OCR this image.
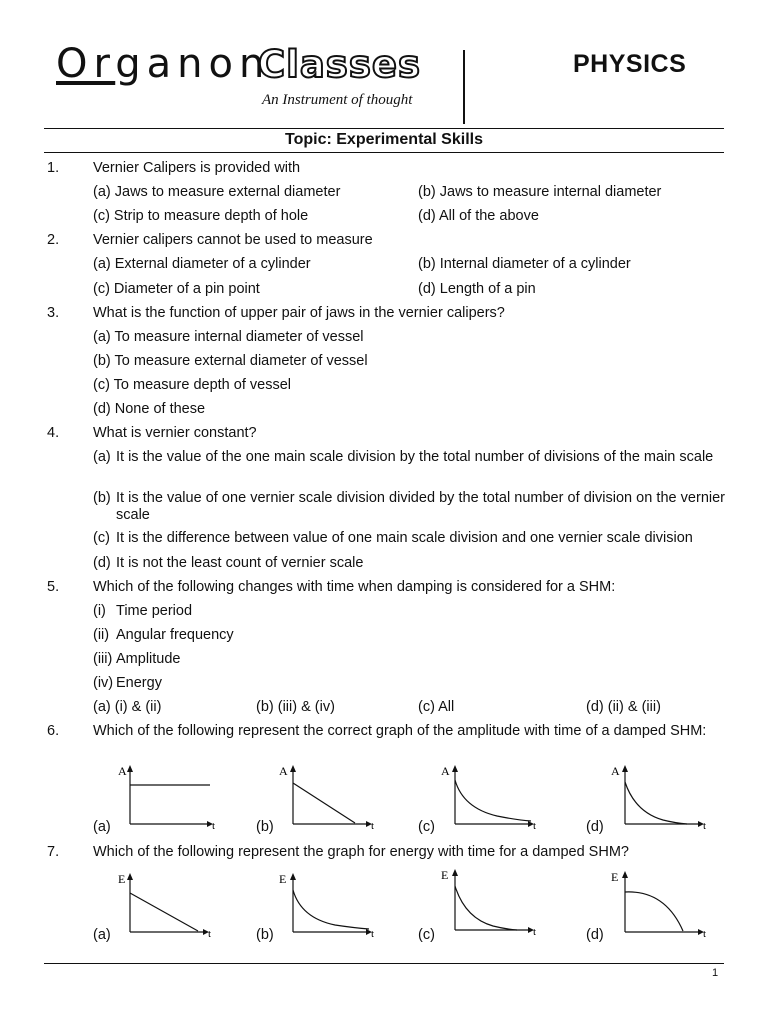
Organon
Classes
An Instrument of thought
PHYSICS
Topic: Experimental Skills
1. Vernier Calipers is provided with
(a) Jaws to measure external diameter	(b) Jaws to measure internal diameter
(c) Strip to measure depth of hole	(d) All of the above
2. Vernier calipers cannot be used to measure
(a) External diameter of a cylinder	(b) Internal diameter of a cylinder
(c) Diameter of a pin point	(d) Length of a pin
3. What is the function of upper pair of jaws in the vernier calipers?
(a) To measure internal diameter of vessel
(b) To measure external diameter of vessel
(c) To measure depth of vessel
(d) None of these
4. What is vernier constant?
(a) It is the value of the one main scale division by the total number of divisions of the main scale
(b) It is the value of one vernier scale division divided by the total number of division on the vernier scale
(c) It is the difference between value of one main scale division and one vernier scale division
(d) It is not the least count of vernier scale
5. Which of the following changes with time when damping is considered for a SHM:
(i) Time period
(ii) Angular frequency
(iii) Amplitude
(iv) Energy
(a) (i) & (ii)	(b) (iii) & (iv)	(c) All	(d) (ii) & (iii)
6. Which of the following represent the correct graph of the amplitude with time of a damped SHM:
(a)	(b)	(c)	(d)
A
t
A
t
A
t
A
t
7. Which of the following represent the graph for energy with time for a damped SHM?
(a)	(b)	(c)	(d)
E
t
E
t
E
t
E
t
1
